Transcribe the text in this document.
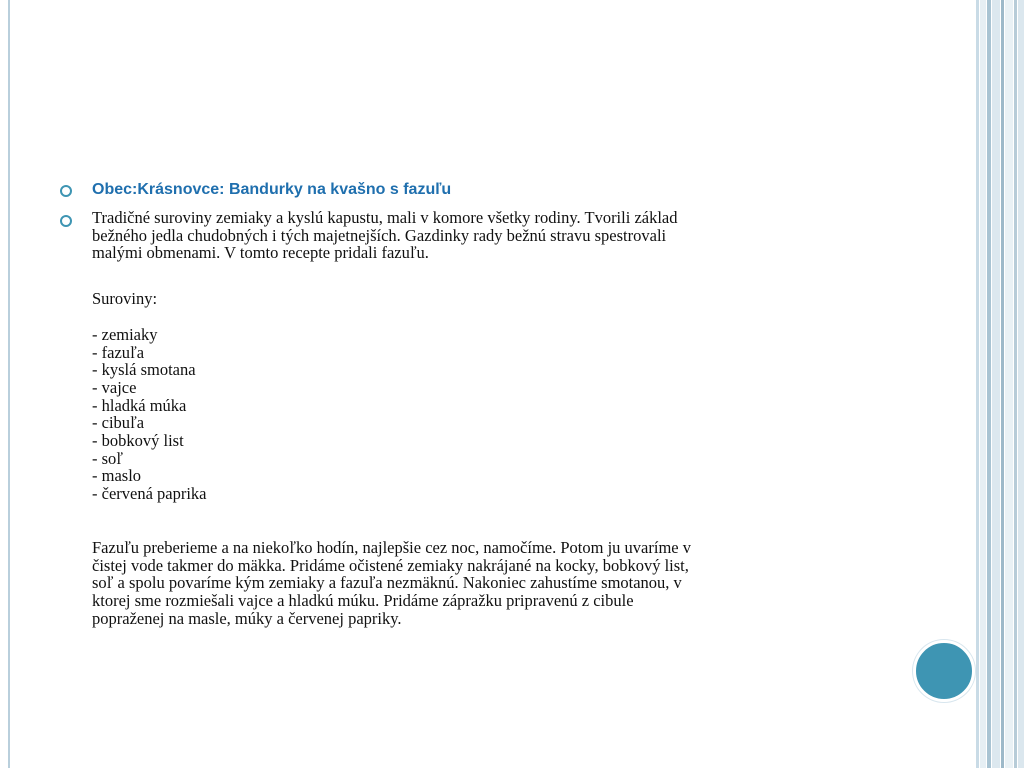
Obec:Krásnovce: Bandurky na kvašno s fazuľu
Tradičné suroviny zemiaky a kyslú kapustu, mali v komore všetky rodiny. Tvorili základ
bežného jedla chudobných i tých majetnejších. Gazdinky rady bežnú stravu spestrovali
malými obmenami. V tomto recepte pridali fazuľu.
Suroviny:
- zemiaky
- fazuľa
- kyslá smotana
- vajce
- hladká múka
- cibuľa
- bobkový list
- soľ
- maslo
- červená paprika
Fazuľu preberieme a na niekoľko hodín, najlepšie cez noc, namočíme. Potom ju uvaríme v
čistej vode takmer do mäkka. Pridáme očistené zemiaky nakrájané na kocky, bobkový list,
soľ a spolu povaríme kým zemiaky a fazuľa nezmäknú. Nakoniec zahustíme smotanou, v
ktorej sme rozmiešali vajce a hladkú múku. Pridáme zápražku pripravenú z cibule
popraženej na masle, múky a červenej papriky.
